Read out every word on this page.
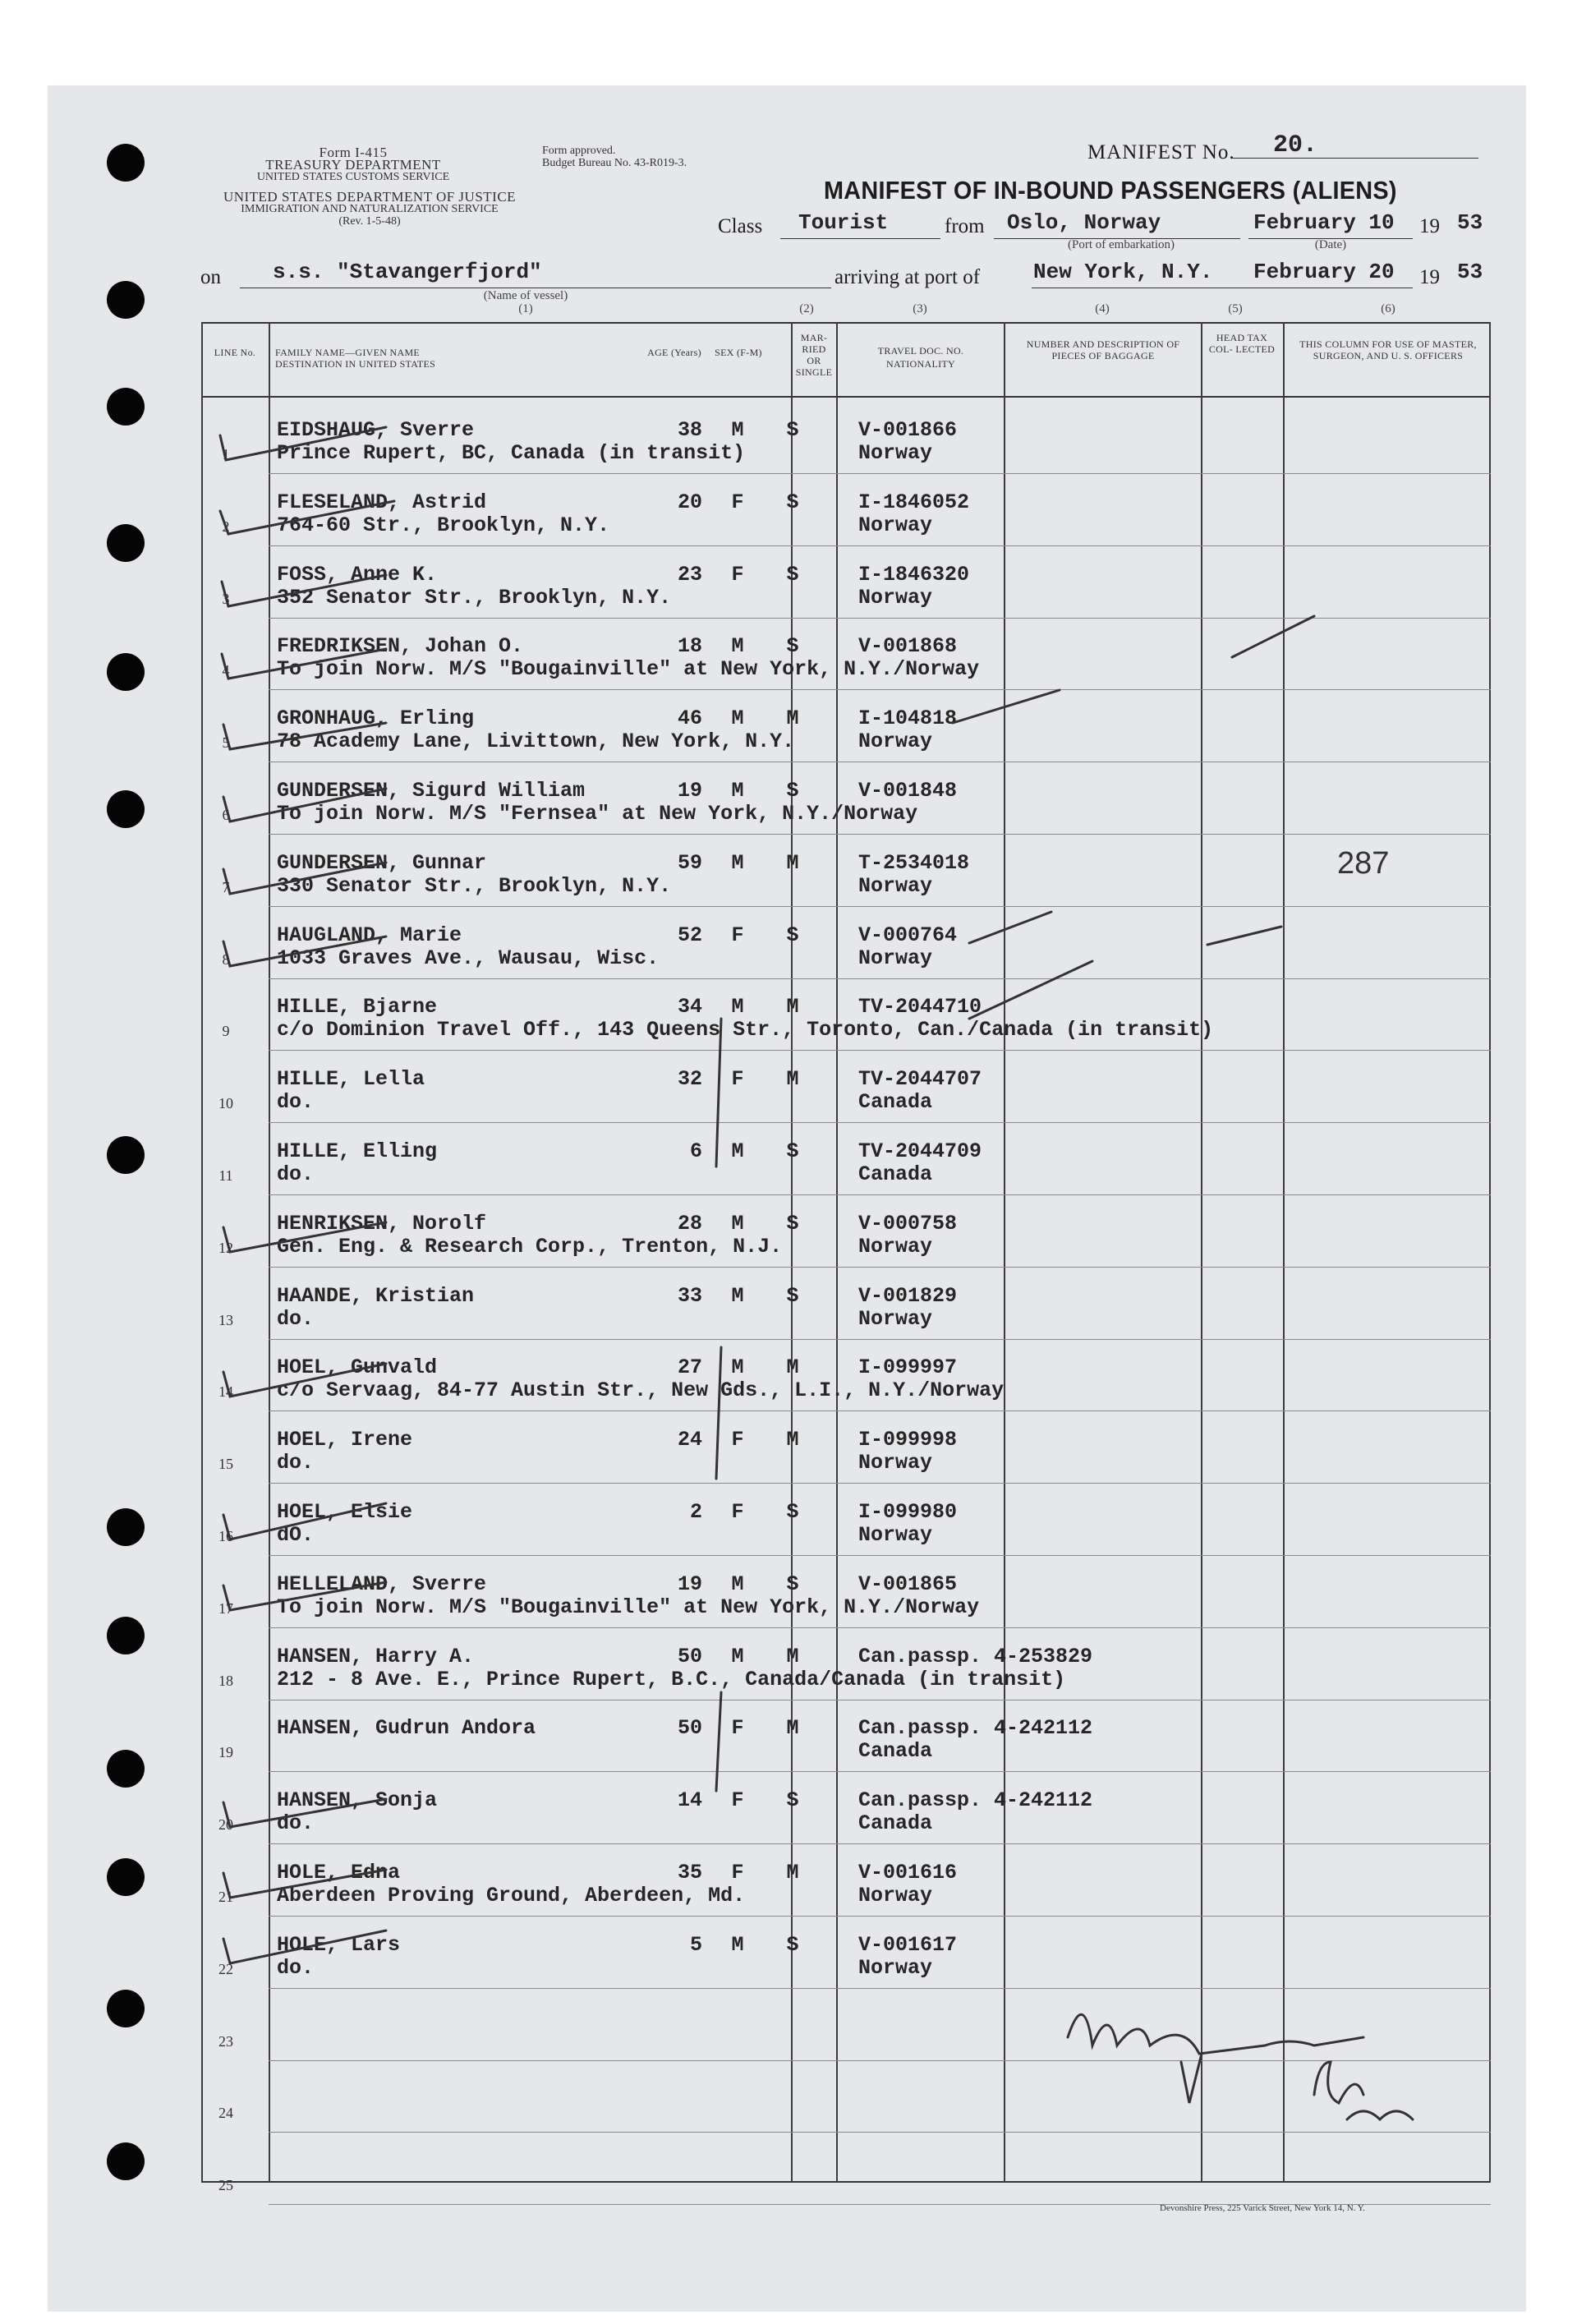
Form I-415
TREASURY DEPARTMENT
UNITED STATES CUSTOMS SERVICE
Form approved.
Budget Bureau No. 43-R019-3.
UNITED STATES DEPARTMENT OF JUSTICE
IMMIGRATION AND NATURALIZATION SERVICE
(Rev. 1-5-48)
MANIFEST No. 20.
MANIFEST OF IN-BOUND PASSENGERS (ALIENS)
Class Tourist	from Oslo, Norway
(Port of embarkation)
February 10
(Date)
19 53
on s.s. "Stavangerfjord"
(Name of vessel)
(1)
arriving at port of New York, N.Y. February 20 19 53
(2)	(3)	(4)	(5)	(6)
LINE No.	FAMILY NAME—GIVEN NAME
DESTINATION IN UNITED STATES
AGE (Years)	SEX (F-M)
MAR- RIED OR SINGLE
TRAVEL DOC. NO.
NATIONALITY
NUMBER AND DESCRIPTION OF PIECES OF BAGGAGE
HEAD TAX COL- LECTED	THIS COLUMN FOR USE OF MASTER, SURGEON, AND U. S. OFFICERS
1
EIDSHAUG, Sverre
Prince Rupert, BC, Canada (in transit)
38 M	S	V-001866
Norway
2
FLESELAND, Astrid
764-60 Str., Brooklyn, N.Y.
20 F	S	I-1846052
Norway
3
FOSS, Anne K.
352 Senator Str., Brooklyn, N.Y.
23 F	S	I-1846320
Norway
4
FREDRIKSEN, Johan O.
To join Norw. M/S "Bougainville" at New York, N.Y./Norway
18 M	S	V-001868
5
GRONHAUG, Erling
78 Academy Lane, Livittown, New York, N.Y.
46 M	M	I-104818
Norway
6
GUNDERSEN, Sigurd William
To join Norw. M/S "Fernsea" at New York, N.Y./Norway
19 M	S	V-001848
7
GUNDERSEN, Gunnar
330 Senator Str., Brooklyn, N.Y.
59 M	M	T-2534018
Norway
8
HAUGLAND, Marie
1033 Graves Ave., Wausau, Wisc.
52 F	S	V-000764
Norway
9
HILLE, Bjarne
c/o Dominion Travel Off., 143 Queens Str., Toronto, Can./Canada (in transit)
34 M	M	TV-2044710
10
HILLE, Lella
do.
32 F	M	TV-2044707
Canada
11
HILLE, Elling
do.
6 M	S	TV-2044709
Canada
12
HENRIKSEN, Norolf
Gen. Eng. & Research Corp., Trenton, N.J.
28 M	S	V-000758
Norway
13
HAANDE, Kristian
do.
33 M	S	V-001829
Norway
14
HOEL, Gunvald
c/o Servaag, 84-77 Austin Str., New Gds., L.I., N.Y./Norway
27 M	M	I-099997
15
HOEL, Irene
do.
24 F	M	I-099998
Norway
16
HOEL, Elsie
dO.
2 F	S	I-099980
Norway
17
HELLELAND, Sverre
To join Norw. M/S "Bougainville" at New York, N.Y./Norway
19 M	S	V-001865
18
HANSEN, Harry A.
212 - 8 Ave. E., Prince Rupert, B.C., Canada/Canada (in transit)
50 M	M	Can.passp. 4-253829
19
HANSEN, Gudrun Andora	50 F	M	Can.passp. 4-242112
Canada
20
HANSEN, Sonja
do.
14 F	S	Can.passp. 4-242112
Canada
21
HOLE, Edna
Aberdeen Proving Ground, Aberdeen, Md.
35 F	M	V-001616
Norway
22
HOLE, Lars
do.
5 M	S	V-001617
Norway
23
24
25
287
Devonshire Press, 225 Varick Street, New York 14, N. Y.
